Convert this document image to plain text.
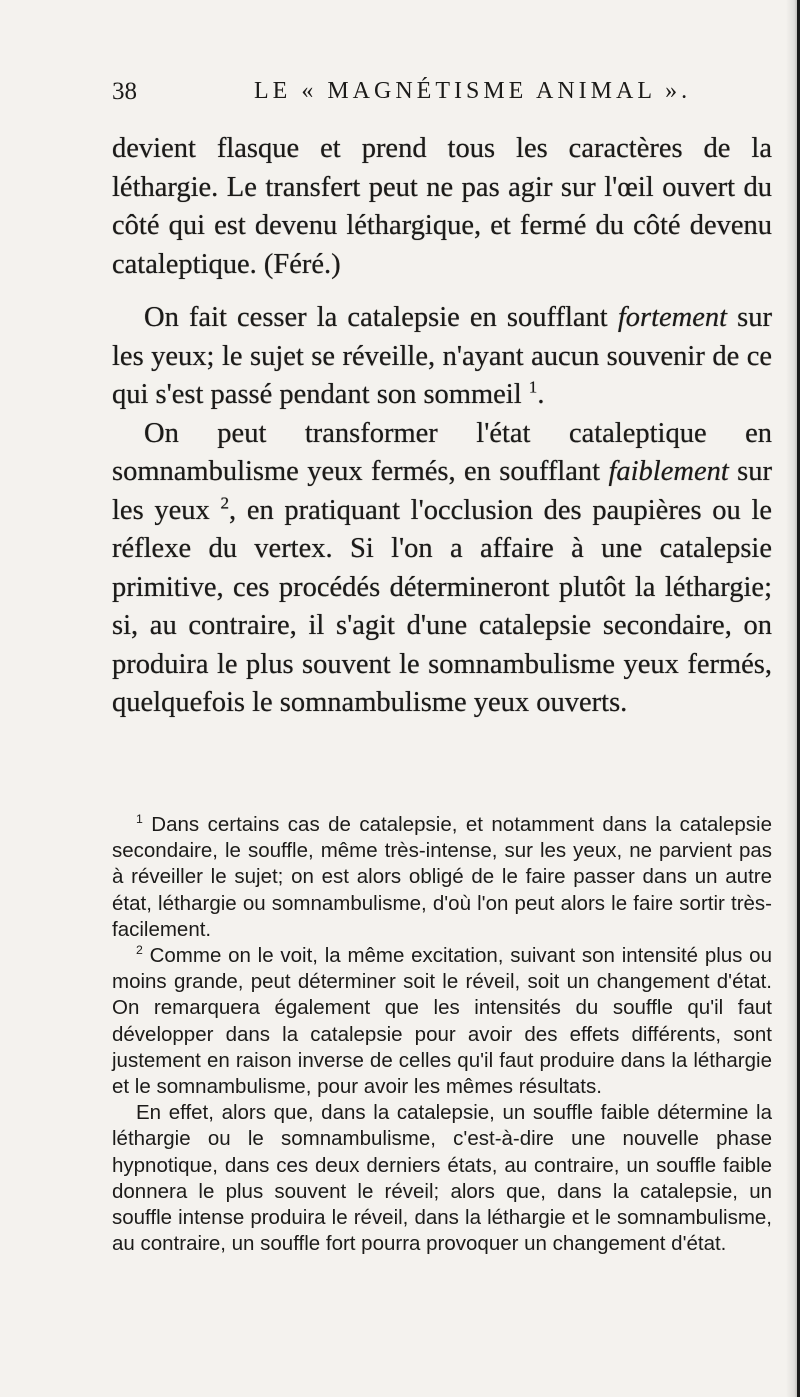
38	LE « MAGNÉTISME ANIMAL ».

devient flasque et prend tous les caractères de la léthargie. Le transfert peut ne pas agir sur l'œil ouvert du côté qui est devenu léthargique, et fermé du côté devenu cataleptique. (Féré.)

On fait cesser la catalepsie en soufflant fortement sur les yeux; le sujet se réveille, n'ayant aucun souvenir de ce qui s'est passé pendant son sommeil $^1$.

On peut transformer l'état cataleptique en somnambulisme yeux fermés, en soufflant faiblement sur les yeux $^2$, en pratiquant l'occlusion des paupières ou le réflexe du vertex. Si l'on a affaire à une catalepsie primitive, ces procédés détermineront plutôt la léthargie; si, au contraire, il s'agit d'une catalepsie secondaire, on produira le plus souvent le somnambulisme yeux fermés, quelquefois le somnambulisme yeux ouverts.

$^1$ Dans certains cas de catalepsie, et notamment dans la catalepsie secondaire, le souffle, même très-intense, sur les yeux, ne parvient pas à réveiller le sujet; on est alors obligé de le faire passer dans un autre état, léthargie ou somnambulisme, d'où l'on peut alors le faire sortir très-facilement.

$^2$ Comme on le voit, la même excitation, suivant son intensité plus ou moins grande, peut déterminer soit le réveil, soit un changement d'état. On remarquera également que les intensités du souffle qu'il faut développer dans la catalepsie pour avoir des effets différents, sont justement en raison inverse de celles qu'il faut produire dans la léthargie et le somnambulisme, pour avoir les mêmes résultats.

En effet, alors que, dans la catalepsie, un souffle faible détermine la léthargie ou le somnambulisme, c'est-à-dire une nouvelle phase hypnotique, dans ces deux derniers états, au contraire, un souffle faible donnera le plus souvent le réveil; alors que, dans la catalepsie, un souffle intense produira le réveil, dans la léthargie et le somnambulisme, au contraire, un souffle fort pourra provoquer un changement d'état.
